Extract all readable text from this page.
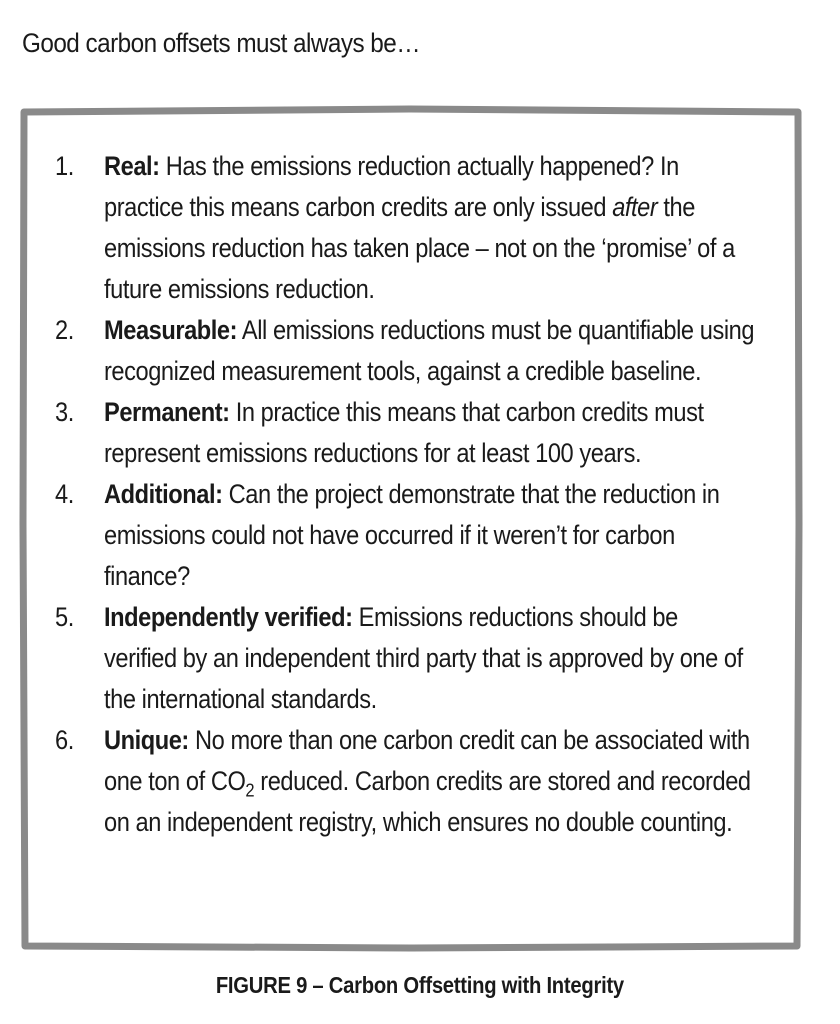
Good carbon offsets must always be…
1. Real: Has the emissions reduction actually happened? In practice this means carbon credits are only issued after the emissions reduction has taken place – not on the ‘promise’ of a future emissions reduction.
2. Measurable: All emissions reductions must be quantifiable using recognized measurement tools, against a credible baseline.
3. Permanent: In practice this means that carbon credits must represent emissions reductions for at least 100 years.
4. Additional: Can the project demonstrate that the reduction in emissions could not have occurred if it weren’t for carbon finance?
5. Independently verified: Emissions reductions should be verified by an independent third party that is approved by one of the international standards.
6. Unique: No more than one carbon credit can be associated with one ton of $CO_2$ reduced. Carbon credits are stored and recorded on an independent registry, which ensures no double counting.
FIGURE 9 – Carbon Offsetting with Integrity
